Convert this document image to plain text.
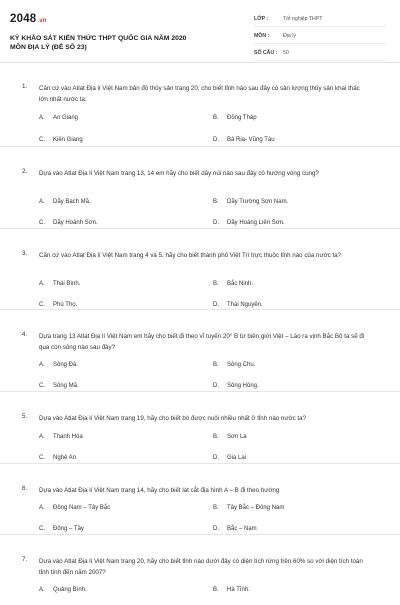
2048.vn
KỲ KHẢO SÁT KIẾN THỨC THPT QUỐC GIA NĂM 2020
MÔN ĐỊA LÝ (ĐỀ SỐ 23)
LỚP :	Tốt nghiệp THPT
MÔN :	Địa lý
SỐ CÂU :	50
1. Căn cứ vào Atlat Địa lí Việt Nam bản đồ thủy sản trang 20, cho biết tỉnh nào sau đây có sản lượng thủy sản khai thác lớn nhất nước ta:
A. An Giang	B. Đồng Tháp
C. Kiên Giang	D. Bà Rịa- Vũng Tàu
2. Dựa vào Atlat Địa lí Việt Nam trang 13, 14 em hãy cho biết dãy núi nào sau đây có hướng vòng cung?
A. Dãy Bạch Mã.	B. Dãy Trường Sơn Nam.
C. Dãy Hoành Sơn.	D. Dãy Hoàng Liên Sơn.
3. Căn cứ vào Atlat Địa lí Việt Nam trang 4 và 5, hãy cho biết thành phố Việt Trì trực thuộc tỉnh nào của nước ta?
A. Thái Bình.	B. Bắc Ninh.
C. Phú Thọ.	D. Thái Nguyên.
4. Dựa trang 13 Atlat Địa lí Việt Nam em hãy cho biết đi theo vĩ tuyến 20° B từ biên giới Việt – Lào ra vịnh Bắc Bộ ta sẽ đi qua con sông nào sau đây?
A. Sông Đà.	B. Sông Chu.
C. Sông Mã.	D. Sông Hồng.
5. Dựa vào Atlat Địa lí Việt Nam trang 19, hãy cho biết bò được nuôi nhiều nhất ở tỉnh nào nước ta?
A. Thanh Hóa	B. Sơn La
C. Nghệ An	D. Gia Lai
6. Dựa vào Atlat Địa lí Việt Nam trang 14, hãy cho biết lát cắt địa hình A – B đi theo hướng
A. Đông Nam – Tây Bắc	B. Tây Bắc – Đông Nam
C. Đông – Tây	D. Bắc – Nam
7. Dựa vào Atlat Địa lí Việt Nam trang 20, hãy cho biết tỉnh nào dưới đây có diện tích rừng trên 60% so với diện tích toàn tỉnh tính đến năm 2007?
A. Quảng Bình.	B. Hà Tĩnh.
